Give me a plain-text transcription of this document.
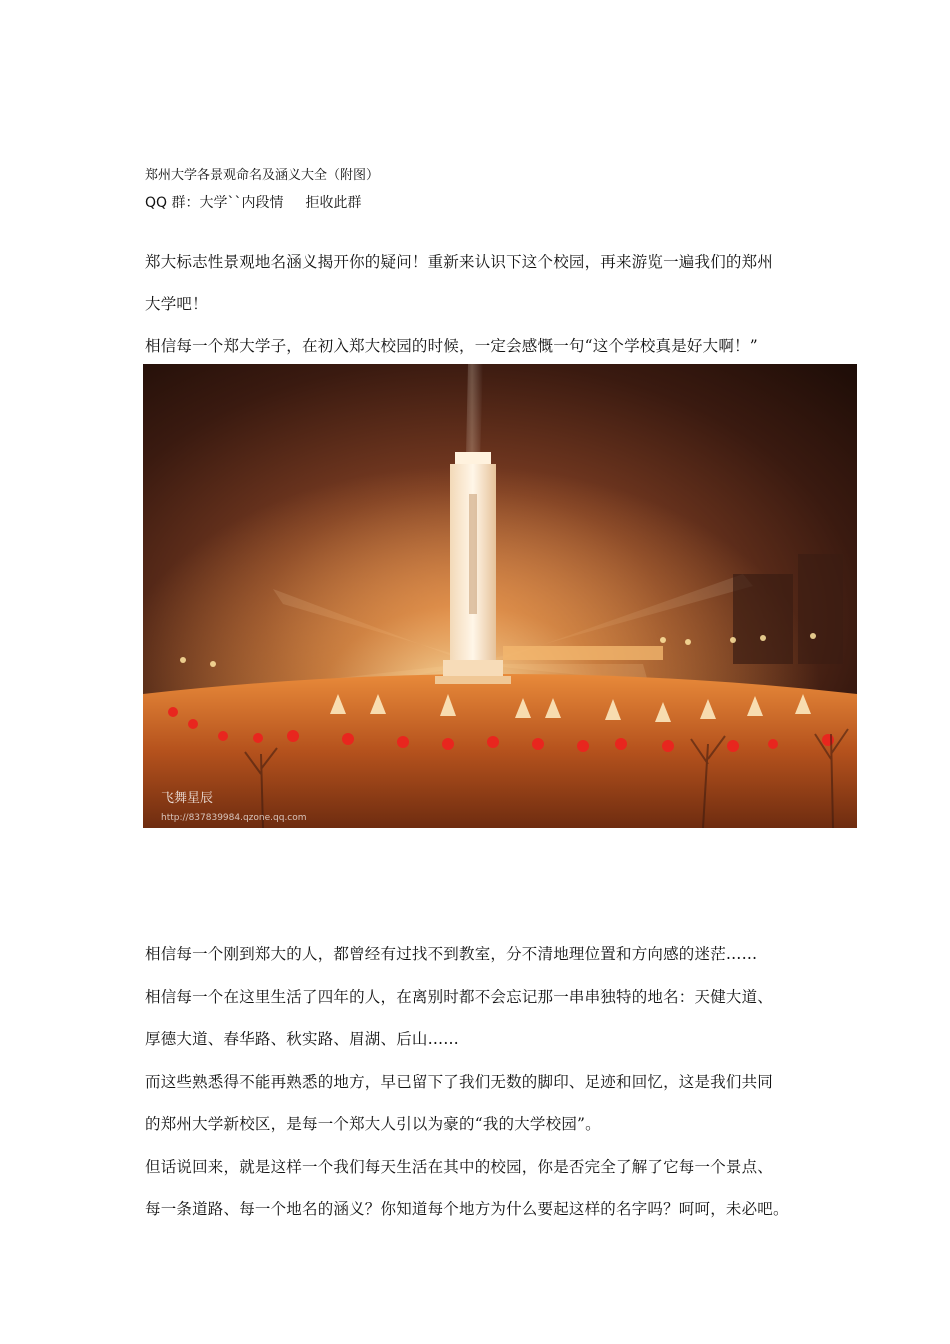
郑州大学各景观命名及涵义大全（附图）
QQ 群：大学``内段情 拒收此群
郑大标志性景观地名涵义揭开你的疑问！重新来认识下这个校园，再来游览一遍我们的郑州
大学吧！
相信每一个郑大学子，在初入郑大校园的时候，一定会感慨一句“这个学校真是好大啊！”
飞舞星辰
http://837839984.qzone.qq.com
相信每一个刚到郑大的人，都曾经有过找不到教室，分不清地理位置和方向感的迷茫……
相信每一个在这里生活了四年的人，在离别时都不会忘记那一串串独特的地名：天健大道、
厚德大道、春华路、秋实路、眉湖、后山……
而这些熟悉得不能再熟悉的地方，早已留下了我们无数的脚印、足迹和回忆，这是我们共同
的郑州大学新校区，是每一个郑大人引以为豪的“我的大学校园”。
但话说回来，就是这样一个我们每天生活在其中的校园，你是否完全了解了它每一个景点、
每一条道路、每一个地名的涵义？你知道每个地方为什么要起这样的名字吗？呵呵，未必吧。
